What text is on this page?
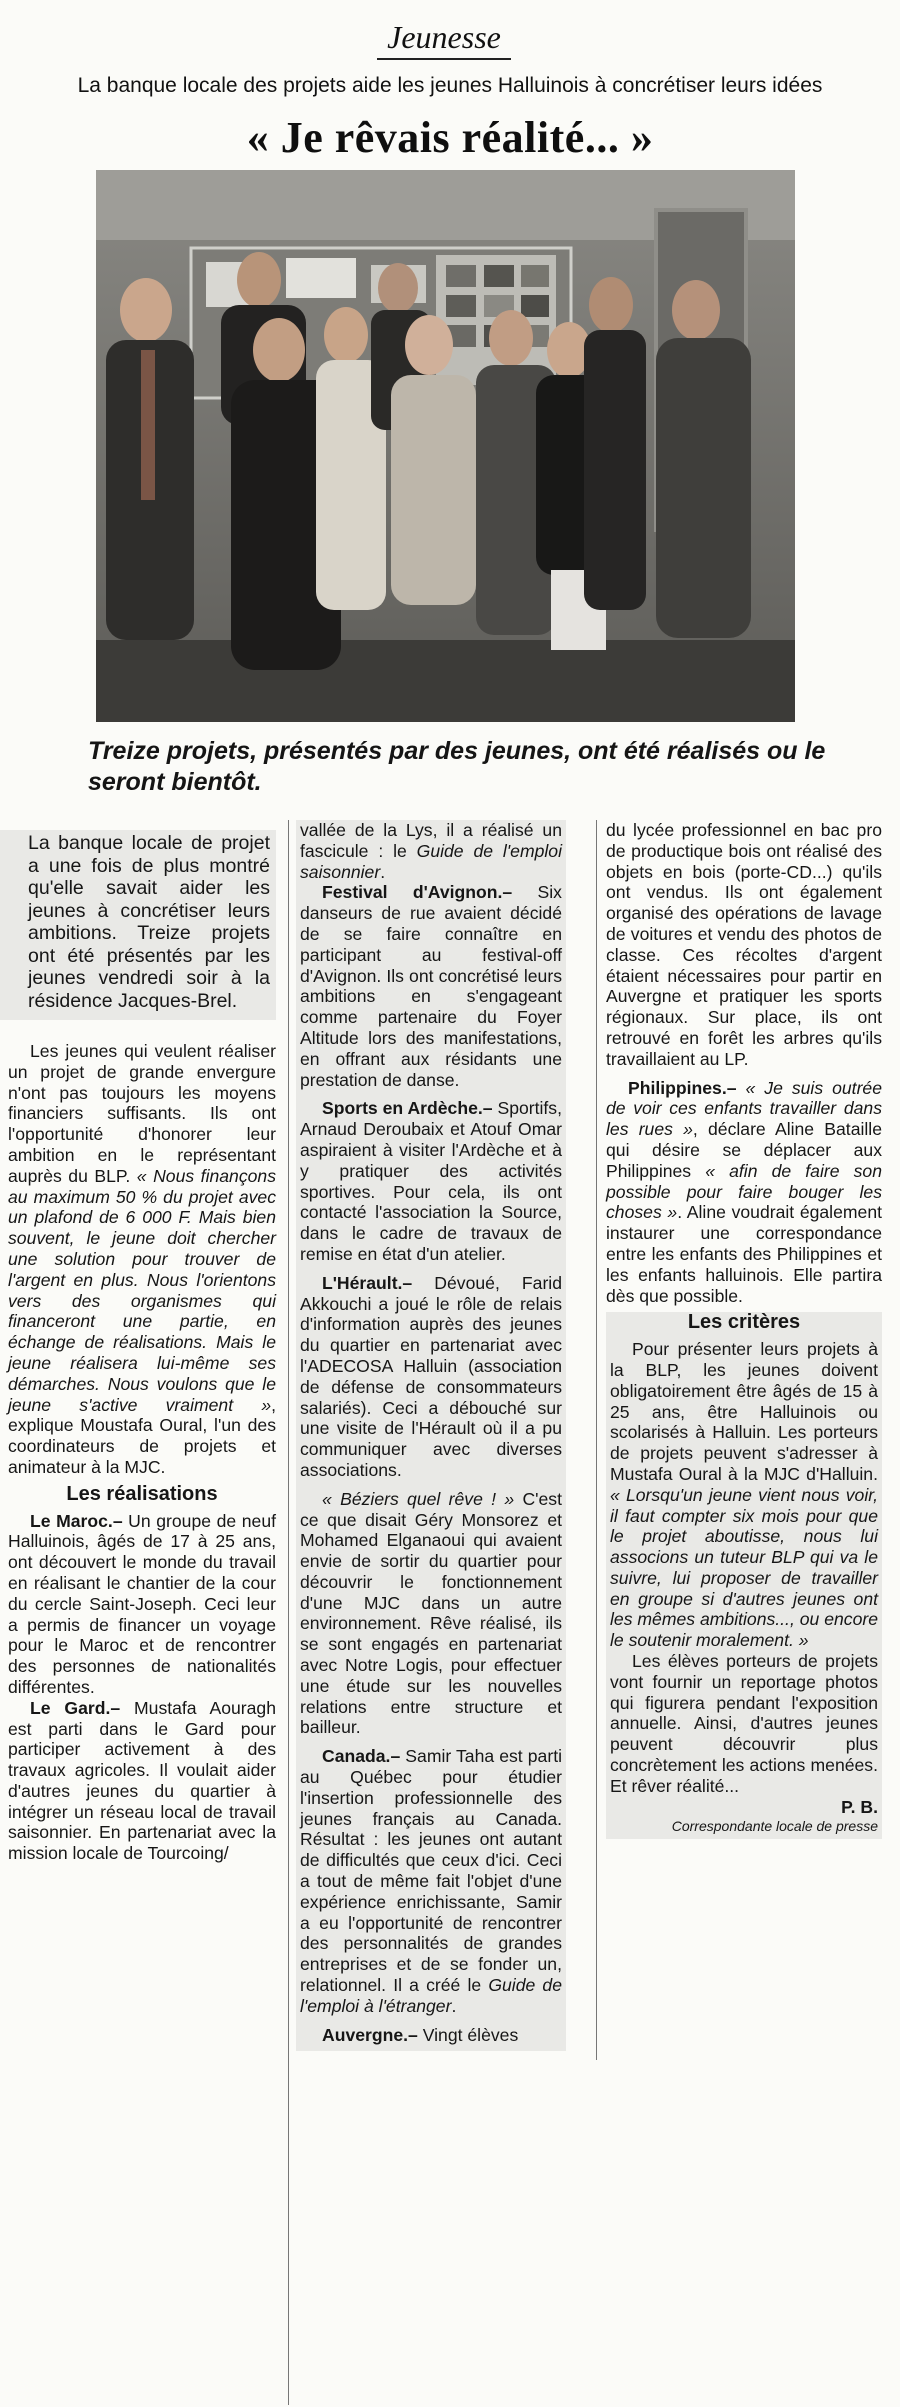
Jeunesse
La banque locale des projets aide les jeunes Halluinois à concrétiser leurs idées
« Je rêvais réalité... »
Treize projets, présentés par des jeunes, ont été réalisés ou le seront bientôt.

La banque locale de projet a une fois de plus montré qu'elle savait aider les jeunes à concrétiser leurs ambitions. Treize projets ont été présentés par les jeunes vendredi soir à la résidence Jacques-Brel.

Les jeunes qui veulent réaliser un projet de grande envergure n'ont pas toujours les moyens financiers suffisants. Ils ont l'opportunité d'honorer leur ambition en le représentant auprès du BLP. « Nous finançons au maximum 50 % du projet avec un plafond de 6 000 F. Mais bien souvent, le jeune doit chercher une solution pour trouver de l'argent en plus. Nous l'orientons vers des organismes qui financeront une partie, en échange de réalisations. Mais le jeune réalisera lui-même ses démarches. Nous voulons que le jeune s'active vraiment », explique Moustafa Oural, l'un des coordinateurs de projets et animateur à la MJC.

Les réalisations

Le Maroc.– Un groupe de neuf Halluinois, âgés de 17 à 25 ans, ont découvert le monde du travail en réalisant le chantier de la cour du cercle Saint-Joseph. Ceci leur a permis de financer un voyage pour le Maroc et de rencontrer des personnes de nationalités différentes.

Le Gard.– Mustafa Aouragh est parti dans le Gard pour participer activement à des travaux agricoles. Il voulait aider d'autres jeunes du quartier à intégrer un réseau local de travail saisonnier. En partenariat avec la mission locale de Tourcoing/

vallée de la Lys, il a réalisé un fascicule : le Guide de l'emploi saisonnier.

Festival d'Avignon.– Six danseurs de rue avaient décidé de se faire connaître en participant au festival-off d'Avignon. Ils ont concrétisé leurs ambitions en s'engageant comme partenaire du Foyer Altitude lors des manifestations, en offrant aux résidants une prestation de danse.

Sports en Ardèche.– Sportifs, Arnaud Deroubaix et Atouf Omar aspiraient à visiter l'Ardèche et à y pratiquer des activités sportives. Pour cela, ils ont contacté l'association la Source, dans le cadre de travaux de remise en état d'un atelier.

L'Hérault.– Dévoué, Farid Akkouchi a joué le rôle de relais d'information auprès des jeunes du quartier en partenariat avec l'ADECOSA Halluin (association de défense de consommateurs salariés). Ceci a débouché sur une visite de l'Hérault où il a pu communiquer avec diverses associations.

« Béziers quel rêve ! » C'est ce que disait Géry Monsorez et Mohamed Elganaoui qui avaient envie de sortir du quartier pour découvrir le fonctionnement d'une MJC dans un autre environnement. Rêve réalisé, ils se sont engagés en partenariat avec Notre Logis, pour effectuer une étude sur les nouvelles relations entre structure et bailleur.

Canada.– Samir Taha est parti au Québec pour étudier l'insertion professionnelle des jeunes français au Canada. Résultat : les jeunes ont autant de difficultés que ceux d'ici. Ceci a tout de même fait l'objet d'une expérience enrichissante, Samir a eu l'opportunité de rencontrer des personnalités de grandes entreprises et de se fonder un, relationnel. Il a créé le Guide de l'emploi à l'étranger.

Auvergne.– Vingt élèves

du lycée professionnel en bac pro de productique bois ont réalisé des objets en bois (porte-CD...) qu'ils ont vendus. Ils ont également organisé des opérations de lavage de voitures et vendu des photos de classe. Ces récoltes d'argent étaient nécessaires pour partir en Auvergne et pratiquer les sports régionaux. Sur place, ils ont retrouvé en forêt les arbres qu'ils travaillaient au LP.

Philippines.– « Je suis outrée de voir ces enfants travailler dans les rues », déclare Aline Bataille qui désire se déplacer aux Philippines « afin de faire son possible pour faire bouger les choses ». Aline voudrait également instaurer une correspondance entre les enfants des Philippines et les enfants halluinois. Elle partira dès que possible.

Les critères

Pour présenter leurs projets à la BLP, les jeunes doivent obligatoirement être âgés de 15 à 25 ans, être Halluinois ou scolarisés à Halluin. Les porteurs de projets peuvent s'adresser à Mustafa Oural à la MJC d'Halluin. « Lorsqu'un jeune vient nous voir, il faut compter six mois pour que le projet aboutisse, nous lui associons un tuteur BLP qui va le suivre, lui proposer de travailler en groupe si d'autres jeunes ont les mêmes ambitions..., ou encore le soutenir moralement. »

Les élèves porteurs de projets vont fournir un reportage photos qui figurera pendant l'exposition annuelle. Ainsi, d'autres jeunes peuvent découvrir plus concrètement les actions menées. Et rêver réalité...

P. B.
Correspondante locale de presse
